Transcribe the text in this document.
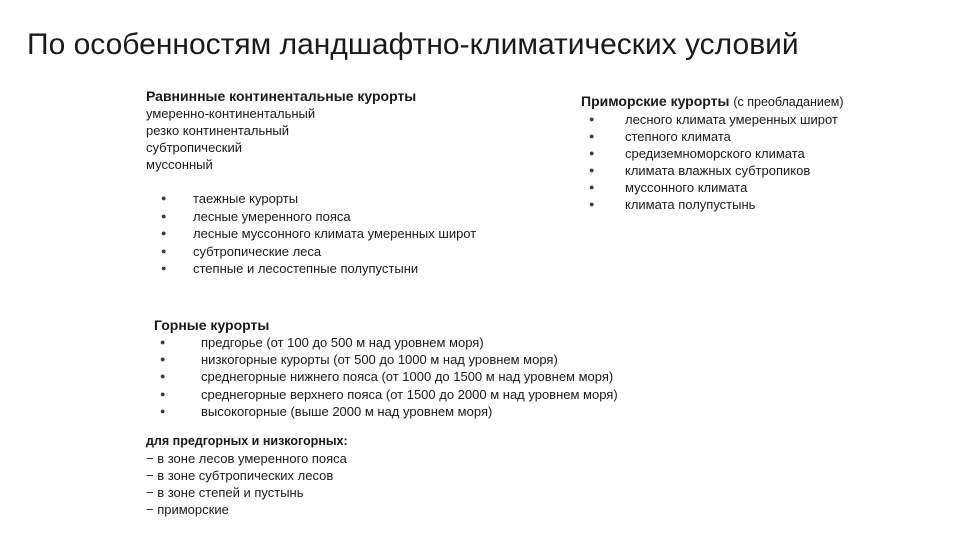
По особенностям ландшафтно-климатических условий
Равнинные континентальные курорты
умеренно-континентальный
резко континентальный
субтропический
муссонный
● таежные курорты
● лесные умеренного пояса
● лесные муссонного климата умеренных широт
● субтропические леса
● степные и лесостепные полупустыни
Приморские курорты (с преобладанием)
● лесного климата умеренных широт
● степного климата
● средиземноморского климата
● климата влажных субтропиков
● муссонного климата
● климата полупустынь
Горные курорты
●	предгорье (от 100 до 500 м над уровнем моря)
●	низкогорные курорты (от 500 до 1000 м над уровнем моря)
●	среднегорные нижнего пояса (от 1000 до 1500 м над уровнем моря)
●	среднегорные верхнего пояса (от 1500 до 2000 м над уровнем моря)
●	высокогорные (выше 2000 м над уровнем моря)
для предгорных и низкогорных:
− в зоне лесов умеренного пояса
− в зоне субтропических лесов
− в зоне степей и пустынь
− приморские
